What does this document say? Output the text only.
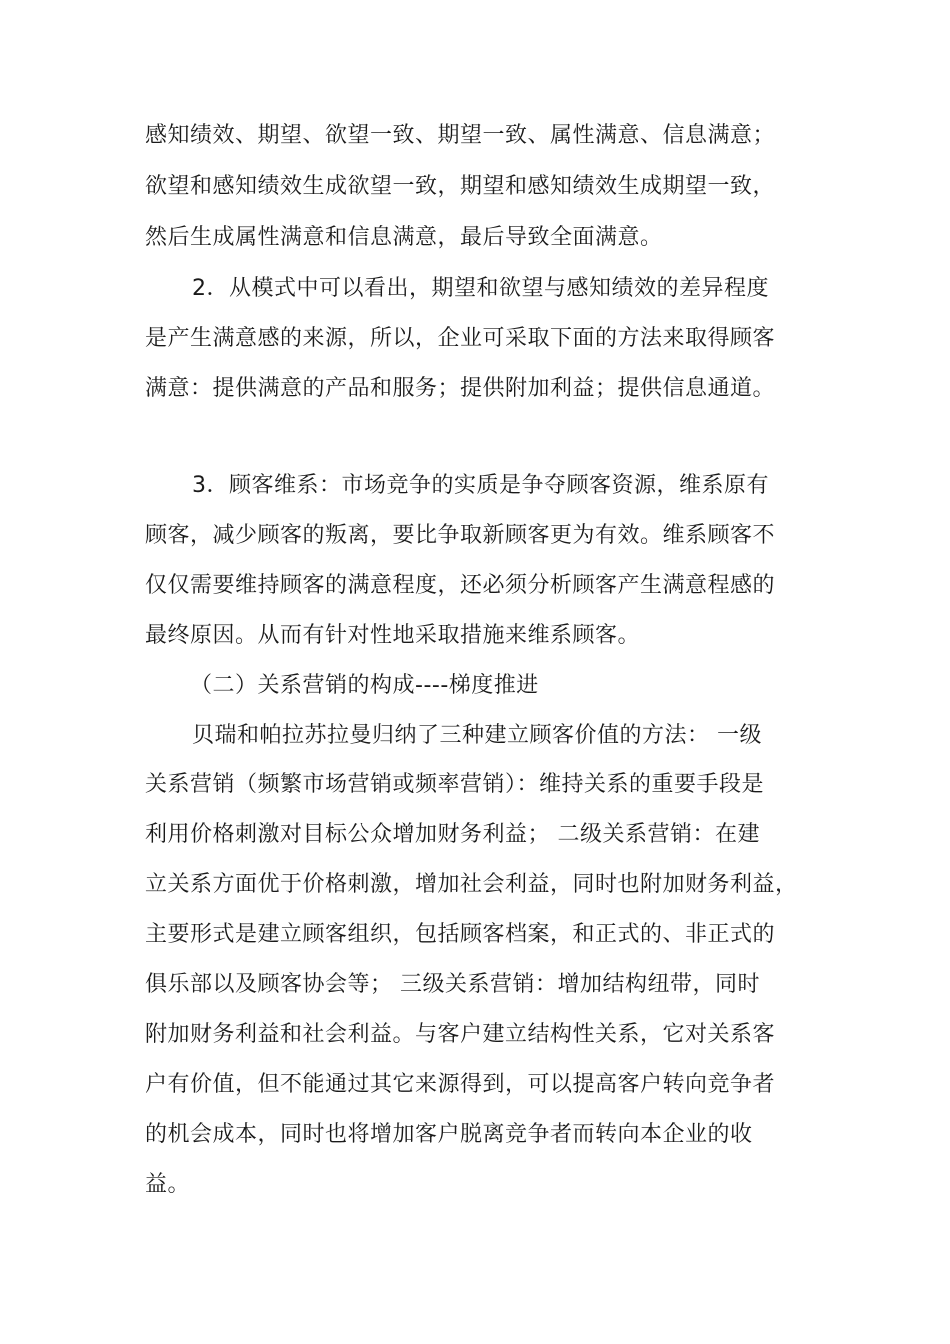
感知绩效、期望、欲望一致、期望一致、属性满意、信息满意；
欲望和感知绩效生成欲望一致，期望和感知绩效生成期望一致，
然后生成属性满意和信息满意，最后导致全面满意。
2．从模式中可以看出，期望和欲望与感知绩效的差异程度
是产生满意感的来源，所以，企业可采取下面的方法来取得顾客
满意：提供满意的产品和服务；提供附加利益；提供信息通道。
3．顾客维系：市场竞争的实质是争夺顾客资源，维系原有
顾客，减少顾客的叛离，要比争取新顾客更为有效。维系顾客不
仅仅需要维持顾客的满意程度，还必须分析顾客产生满意程感的
最终原因。从而有针对性地采取措施来维系顾客。
（二）关系营销的构成----梯度推进
贝瑞和帕拉苏拉曼归纳了三种建立顾客价值的方法： 一级
关系营销（频繁市场营销或频率营销）：维持关系的重要手段是
利用价格刺激对目标公众增加财务利益； 二级关系营销：在建
立关系方面优于价格刺激，增加社会利益，同时也附加财务利益，
主要形式是建立顾客组织，包括顾客档案，和正式的、非正式的
俱乐部以及顾客协会等； 三级关系营销：增加结构纽带，同时
附加财务利益和社会利益。与客户建立结构性关系，它对关系客
户有价值，但不能通过其它来源得到，可以提高客户转向竞争者
的机会成本，同时也将增加客户脱离竞争者而转向本企业的收
益。
